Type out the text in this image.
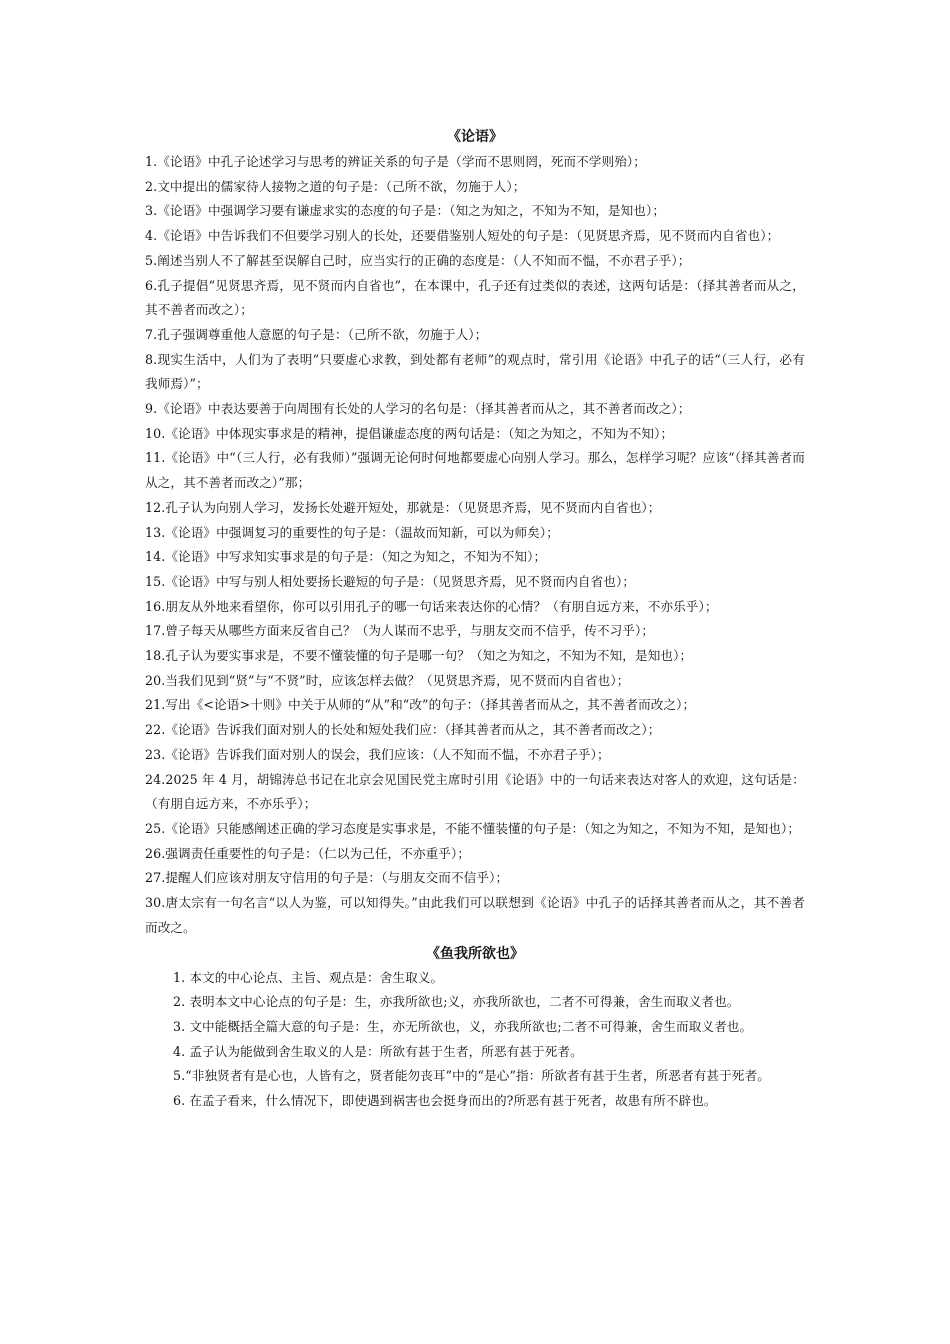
《论语》

1.《论语》中孔子论述学习与思考的辨证关系的句子是（学而不思则罔，死而不学则殆）；

2.文中提出的儒家待人接物之道的句子是：（己所不欲，勿施于人）；

3.《论语》中强调学习要有谦虚求实的态度的句子是：（知之为知之，不知为不知，是知也）；

4.《论语》中告诉我们不但要学习别人的长处，还要借鉴别人短处的句子是：（见贤思齐焉，见不贤而内自省也）；

5.阐述当别人不了解甚至误解自己时，应当实行的正确的态度是：（人不知而不愠，不亦君子乎）；

6.孔子提倡“见贤思齐焉，见不贤而内自省也”，在本课中，孔子还有过类似的表述，这两句话是：（择其善者而从之，其不善者而改之）；

7.孔子强调尊重他人意愿的句子是：（己所不欲，勿施于人）；

8.现实生活中，人们为了表明“只要虚心求教，到处都有老师”的观点时，常引用《论语》中孔子的话“（三人行，必有我师焉）”；

9.《论语》中表达要善于向周围有长处的人学习的名句是：（择其善者而从之，其不善者而改之）；

10.《论语》中体现实事求是的精神，提倡谦虚态度的两句话是：（知之为知之，不知为不知）；

11.《论语》中“（三人行，必有我师）”强调无论何时何地都要虚心向别人学习。那么，怎样学习呢？应该“（择其善者而从之，其不善者而改之）”那；

12.孔子认为向别人学习，发扬长处避开短处，那就是：（见贤思齐焉，见不贤而内自省也）；

13.《论语》中强调复习的重要性的句子是：（温故而知新，可以为师矣）；

14.《论语》中写求知实事求是的句子是：（知之为知之，不知为不知）；

15.《论语》中写与别人相处要扬长避短的句子是：（见贤思齐焉，见不贤而内自省也）；

16.朋友从外地来看望你，你可以引用孔子的哪一句话来表达你的心情？（有朋自远方来，不亦乐乎）；

17.曾子每天从哪些方面来反省自己？（为人谋而不忠乎，与朋友交而不信乎，传不习乎）；

18.孔子认为要实事求是，不要不懂装懂的句子是哪一句？（知之为知之，不知为不知，是知也）；

20.当我们见到“贤”与“不贤”时，应该怎样去做？（见贤思齐焉，见不贤而内自省也）；

21.写出《<论语>十则》中关于从师的“从”和“改”的句子：（择其善者而从之，其不善者而改之）；

22.《论语》告诉我们面对别人的长处和短处我们应：（择其善者而从之，其不善者而改之）；

23.《论语》告诉我们面对别人的误会，我们应该：（人不知而不愠，不亦君子乎）；

24.2025 年 4 月，胡锦涛总书记在北京会见国民党主席时引用《论语》中的一句话来表达对客人的欢迎，这句话是：（有朋自远方来，不亦乐乎）；

25.《论语》只能感阐述正确的学习态度是实事求是，不能不懂装懂的句子是：（知之为知之，不知为不知，是知也）；

26.强调责任重要性的句子是：（仁以为己任，不亦重乎）；

27.提醒人们应该对朋友守信用的句子是：（与朋友交而不信乎）；

30.唐太宗有一句名言“以人为鉴，可以知得失。”由此我们可以联想到《论语》中孔子的话择其善者而从之，其不善者而改之。

《鱼我所欲也》

1. 本文的中心论点、主旨、观点是：舍生取义。

2. 表明本文中心论点的句子是：生，亦我所欲也;义，亦我所欲也，二者不可得兼，舍生而取义者也。

3. 文中能概括全篇大意的句子是：生，亦无所欲也，义，亦我所欲也;二者不可得兼，舍生而取义者也。

4. 孟子认为能做到舍生取义的人是：所欲有甚于生者，所恶有甚于死者。

5.“非独贤者有是心也，人皆有之，贤者能勿丧耳”中的“是心”指：所欲者有甚于生者，所恶者有甚于死者。

6. 在孟子看来，什么情况下，即使遇到祸害也会挺身而出的?所恶有甚于死者，故患有所不辟也。
